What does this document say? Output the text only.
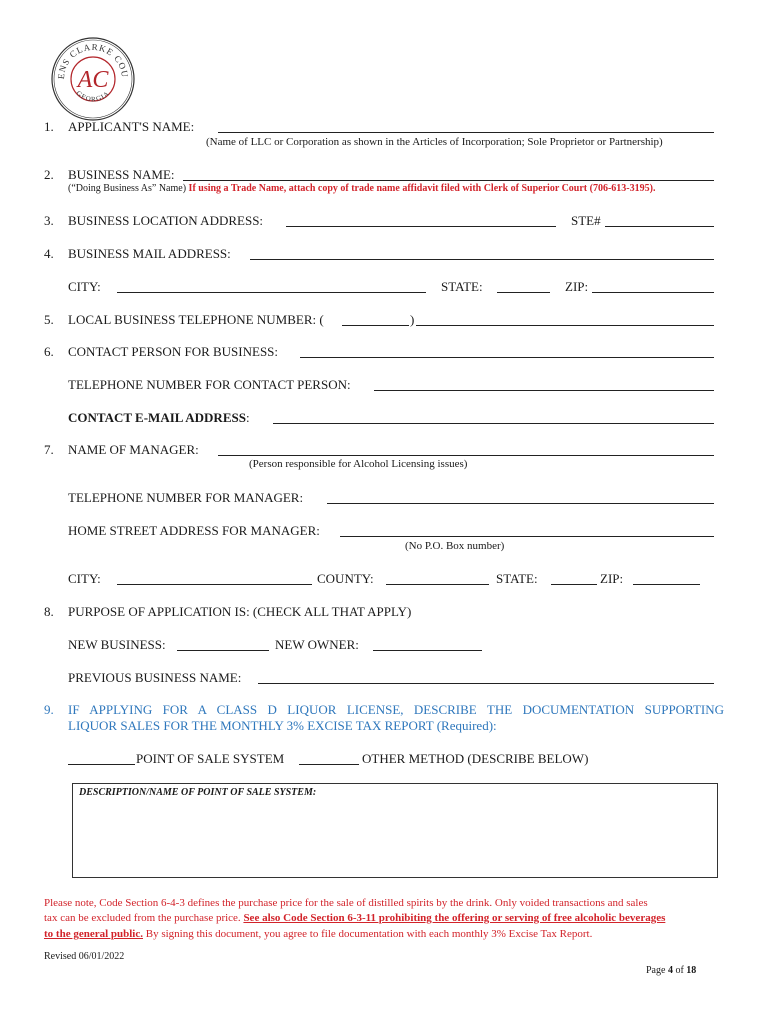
ENS CLARKE COU
GEORGIA
AC
1. APPLICANT'S NAME:
(Name of LLC or Corporation as shown in the Articles of Incorporation; Sole Proprietor or Partnership)
2. BUSINESS NAME:
(“Doing Business As” Name) If using a Trade Name, attach copy of trade name affidavit filed with Clerk of Superior Court (706-613-3195).
3. BUSINESS LOCATION ADDRESS:	STE#
4. BUSINESS MAIL ADDRESS:
CITY:	STATE:	ZIP:
5. LOCAL BUSINESS TELEPHONE NUMBER: (	)
6. CONTACT PERSON FOR BUSINESS:
TELEPHONE NUMBER FOR CONTACT PERSON:
CONTACT E-MAIL ADDRESS:
7. NAME OF MANAGER:
(Person responsible for Alcohol Licensing issues)
TELEPHONE NUMBER FOR MANAGER:
HOME STREET ADDRESS FOR MANAGER:
(No P.O. Box number)
CITY:	COUNTY:	STATE:	ZIP:
8. PURPOSE OF APPLICATION IS: (CHECK ALL THAT APPLY)
NEW BUSINESS:	NEW OWNER:
PREVIOUS BUSINESS NAME:
9. IF APPLYING FOR A CLASS D LIQUOR LICENSE, DESCRIBE THE DOCUMENTATION SUPPORTING
LIQUOR SALES FOR THE MONTHLY 3% EXCISE TAX REPORT (Required):
POINT OF SALE SYSTEM	OTHER METHOD (DESCRIBE BELOW)
DESCRIPTION/NAME OF POINT OF SALE SYSTEM:
Please note, Code Section 6-4-3 defines the purchase price for the sale of distilled spirits by the drink. Only voided transactions and sales
tax can be excluded from the purchase price. See also Code Section 6-3-11 prohibiting the offering or serving of free alcoholic beverages
to the general public. By signing this document, you agree to file documentation with each monthly 3% Excise Tax Report.
Revised 06/01/2022
Page 4 of 18
